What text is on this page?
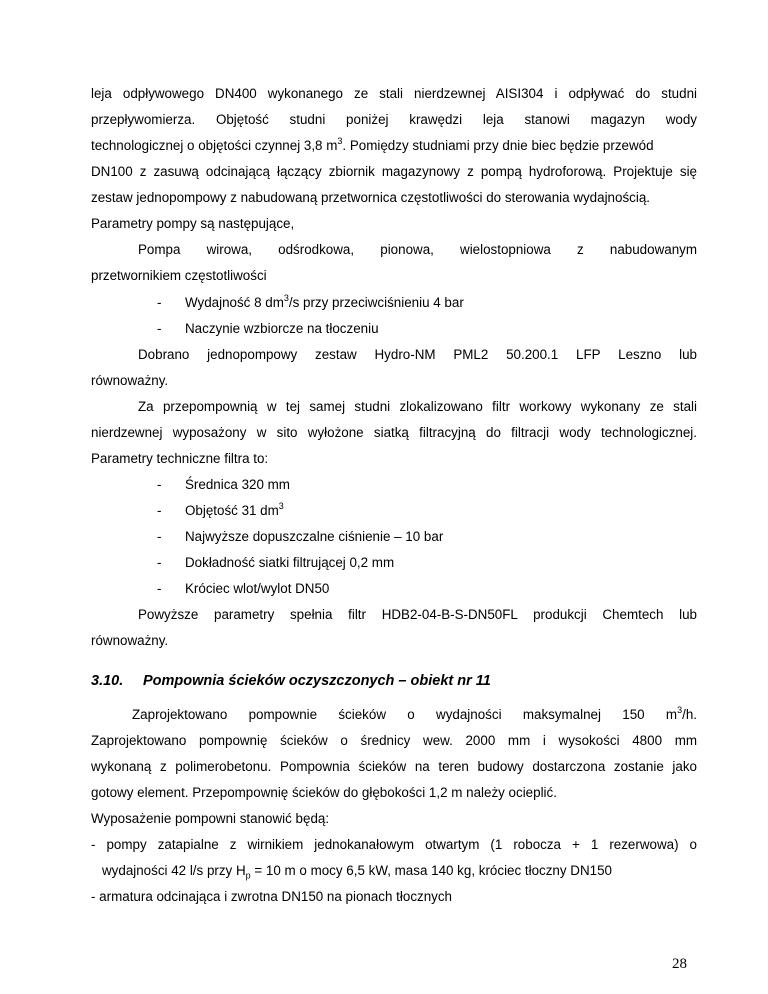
leja odpływowego DN400 wykonanego ze stali nierdzewnej AISI304 i odpływać do studni
przepływomierza. Objętość studni poniżej krawędzi leja stanowi magazyn wody
technologicznej o objętości czynnej 3,8 $m^3$. Pomiędzy studniami przy dnie biec będzie przewód
DN100 z zasuwą odcinającą łączący zbiornik magazynowy z pompą hydroforową. Projektuje się
zestaw jednopompowy z nabudowaną przetwornica częstotliwości do sterowania wydajnością.
Parametry pompy są następujące,
Pompa wirowa, odśrodkowa, pionowa, wielostopniowa z nabudowanym
przetwornikiem częstotliwości
- Wydajność 8 $dm^3/s$ przy przeciwciśnieniu 4 bar
- Naczynie wzbiorcze na tłoczeniu
Dobrano jednopompowy zestaw Hydro-NM PML2 50.200.1 LFP Leszno lub
równoważny.
Za przepompownią w tej samej studni zlokalizowano filtr workowy wykonany ze stali
nierdzewnej wyposażony w sito wyłożone siatką filtracyjną do filtracji wody technologicznej.
Parametry techniczne filtra to:
- Średnica 320 mm
- Objętość 31 $dm^3$
- Najwyższe dopuszczalne ciśnienie – 10 bar
- Dokładność siatki filtrującej 0,2 mm
- Króciec wlot/wylot DN50
Powyższe parametry spełnia filtr HDB2-04-B-S-DN50FL produkcji Chemtech lub
równoważny.
3.10. Pompownia ścieków oczyszczonych – obiekt nr 11
Zaprojektowano pompownie ścieków o wydajności maksymalnej 150 $m^3/h$.
Zaprojektowano pompownię ścieków o średnicy wew. 2000 mm i wysokości 4800 mm
wykonaną z polimerobetonu. Pompownia ścieków na teren budowy dostarczona zostanie jako
gotowy element. Przepompownię ścieków do głębokości 1,2 m należy ocieplić.
Wyposażenie pompowni stanowić będą:
- pompy zatapialne z wirnikiem jednokanałowym otwartym (1 robocza + 1 rezerwowa) o
wydajności 42 l/s przy $H_p = 10$ m o mocy 6,5 kW, masa 140 kg, króciec tłoczny DN150
- armatura odcinająca i zwrotna DN150 na pionach tłocznych
28
